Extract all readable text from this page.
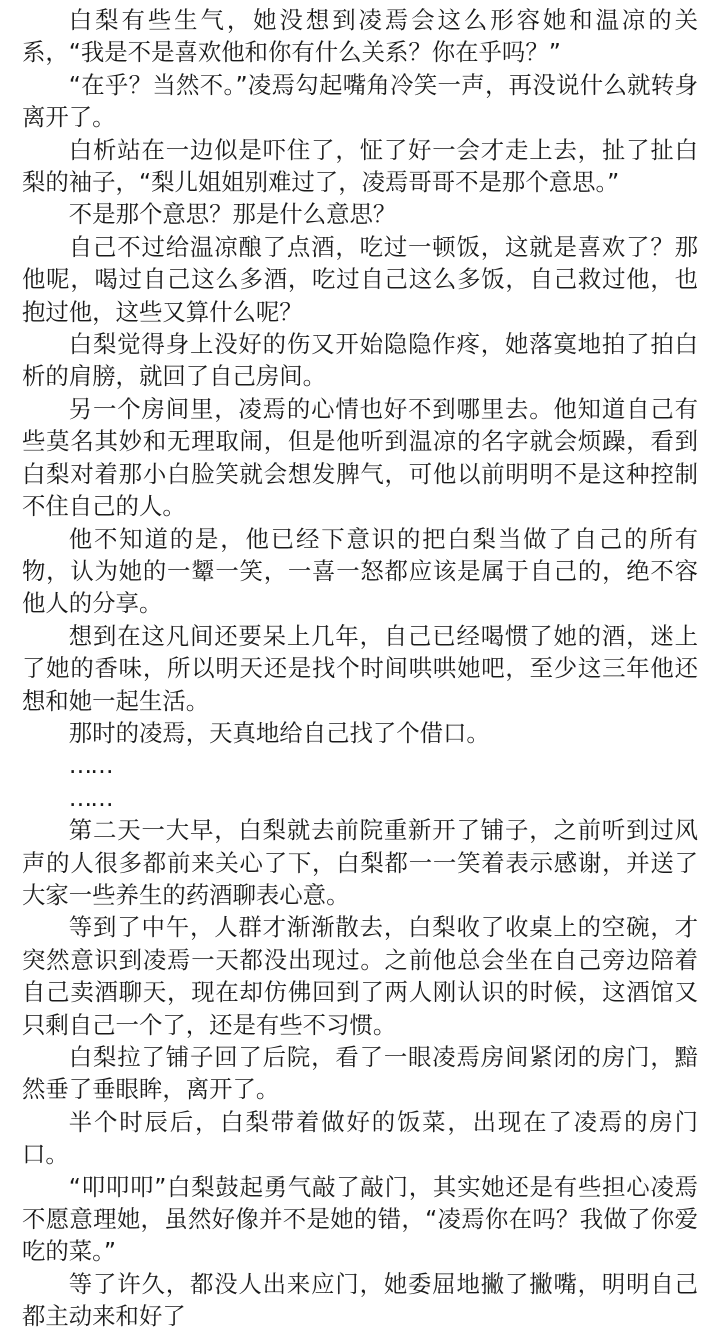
白梨有些生气，她没想到凌焉会这么形容她和温凉的关系，“我是不是喜欢他和你有什么关系？你在乎吗？”

“在乎？当然不。”凌焉勾起嘴角冷笑一声，再没说什么就转身离开了。

白析站在一边似是吓住了，怔了好一会才走上去，扯了扯白梨的袖子，“梨儿姐姐别难过了，凌焉哥哥不是那个意思。”

不是那个意思？那是什么意思？

自己不过给温凉酿了点酒，吃过一顿饭，这就是喜欢了？那他呢，喝过自己这么多酒，吃过自己这么多饭，自己救过他，也抱过他，这些又算什么呢？

白梨觉得身上没好的伤又开始隐隐作疼，她落寞地拍了拍白析的肩膀，就回了自己房间。

另一个房间里，凌焉的心情也好不到哪里去。他知道自己有些莫名其妙和无理取闹，但是他听到温凉的名字就会烦躁，看到白梨对着那小白脸笑就会想发脾气，可他以前明明不是这种控制不住自己的人。

他不知道的是，他已经下意识的把白梨当做了自己的所有物，认为她的一颦一笑，一喜一怒都应该是属于自己的，绝不容他人的分享。

想到在这凡间还要呆上几年，自己已经喝惯了她的酒，迷上了她的香味，所以明天还是找个时间哄哄她吧，至少这三年他还想和她一起生活。

那时的凌焉，天真地给自己找了个借口。

……

……

第二天一大早，白梨就去前院重新开了铺子，之前听到过风声的人很多都前来关心了下，白梨都一一笑着表示感谢，并送了大家一些养生的药酒聊表心意。

等到了中午，人群才渐渐散去，白梨收了收桌上的空碗，才突然意识到凌焉一天都没出现过。之前他总会坐在自己旁边陪着自己卖酒聊天，现在却仿佛回到了两人刚认识的时候，这酒馆又只剩自己一个了，还是有些不习惯。

白梨拉了铺子回了后院，看了一眼凌焉房间紧闭的房门，黯然垂了垂眼眸，离开了。

半个时辰后，白梨带着做好的饭菜，出现在了凌焉的房门口。

“叩叩叩”白梨鼓起勇气敲了敲门，其实她还是有些担心凌焉不愿意理她，虽然好像并不是她的错，“凌焉你在吗？我做了你爱吃的菜。”

等了许久，都没人出来应门，她委屈地撇了撇嘴，明明自己都主动来和好了
